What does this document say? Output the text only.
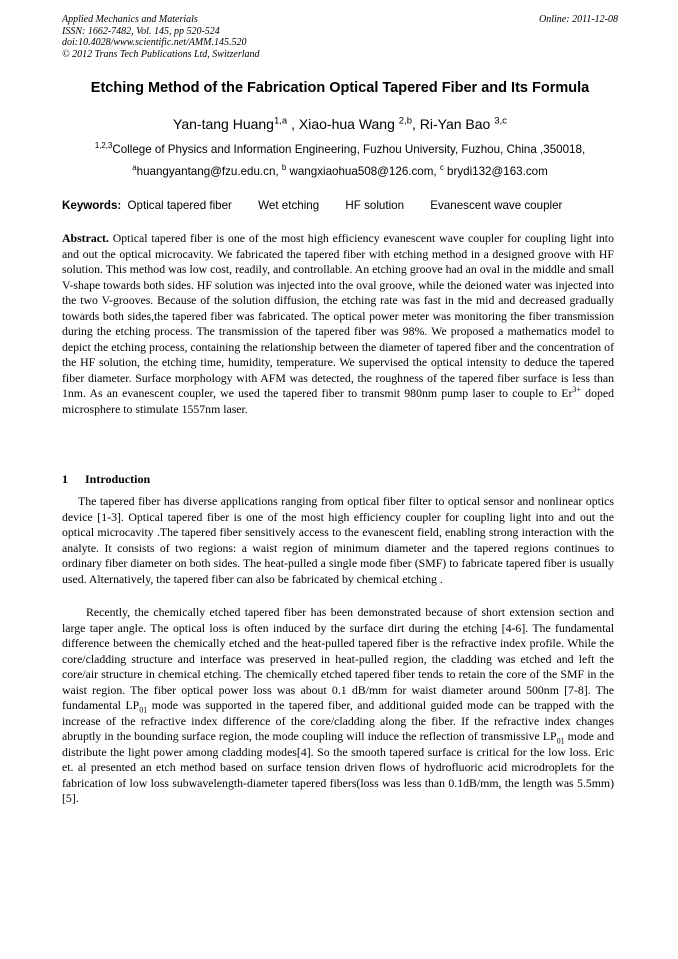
Applied Mechanics and Materials
ISSN: 1662-7482, Vol. 145, pp 520-524
doi:10.4028/www.scientific.net/AMM.145.520
© 2012 Trans Tech Publications Ltd, Switzerland
Online: 2011-12-08
Etching Method of the Fabrication Optical Tapered Fiber and Its Formula
Yan-tang Huang$^{1,a}$ , Xiao-hua Wang $^{2,b}$, Ri-Yan Bao $^{3,c}$
$^{1,2,3}$College of Physics and Information Engineering, Fuzhou University, Fuzhou, China ,350018,
$^a$huangyantang@fzu.edu.cn, $^b$ wangxiaohua508@126.com, $^c$ brydi132@163.com
Keywords: Optical tapered fiber Wet etching HF solution Evanescent wave coupler

Abstract. Optical tapered fiber is one of the most high efficiency evanescent wave coupler for coupling light into and out the optical microcavity. We fabricated the tapered fiber with etching method in a designed groove with HF solution. This method was low cost, readily, and controllable. An etching groove had an oval in the middle and small V-shape towards both sides. HF solution was injected into the oval groove, while the deioned water was injected into the two V-grooves. Because of the solution diffusion, the etching rate was fast in the mid and decreased gradually towards both sides,the tapered fiber was fabricated. The optical power meter was monitoring the fiber transmission during the etching process. The transmission of the tapered fiber was 98%. We proposed a mathematics model to depict the etching process, containing the relationship between the diameter of tapered fiber and the concentration of the HF solution, the etching time, humidity, temperature. We supervised the optical intensity to deduce the tapered fiber diameter. Surface morphology with AFM was detected, the roughness of the tapered fiber surface is less than 1nm. As an evanescent coupler, we used the tapered fiber to transmit 980nm pump laser to couple to $Er^{3+}$ doped microsphere to stimulate 1557nm laser.

1 Introduction

The tapered fiber has diverse applications ranging from optical fiber filter to optical sensor and nonlinear optics device [1-3]. Optical tapered fiber is one of the most high efficiency coupler for coupling light into and out the optical microcavity .The tapered fiber sensitively access to the evanescent field, enabling strong interaction with the analyte. It consists of two regions: a waist region of minimum diameter and the tapered regions continues to ordinary fiber diameter on both sides. The heat-pulled a single mode fiber (SMF) to fabricate tapered fiber is usually used. Alternatively, the tapered fiber can also be fabricated by chemical etching .

Recently, the chemically etched tapered fiber has been demonstrated because of short extension section and large taper angle. The optical loss is often induced by the surface dirt during the etching [4-6]. The fundamental difference between the chemically etched and the heat-pulled tapered fiber is the refractive index profile. While the core/cladding structure and interface was preserved in heat-pulled region, the cladding was etched and left the core/air structure in chemical etching. The chemically etched tapered fiber tends to retain the core of the SMF in the waist region. The fiber optical power loss was about 0.1 dB/mm for waist diameter around 500nm [7-8]. The fundamental $LP_{01}$ mode was supported in the tapered fiber, and additional guided mode can be trapped with the increase of the refractive index difference of the core/cladding along the fiber. If the refractive index changes abruptly in the bounding surface region, the mode coupling will induce the reflection of transmissive $LP_{01}$ mode and distribute the light power among cladding modes[4]. So the smooth tapered surface is critical for the low loss. Eric et. al presented an etch method based on surface tension driven flows of hydrofluoric acid microdroplets for the fabrication of low loss subwavelength-diameter tapered fibers(loss was less than 0.1dB/mm, the length was 5.5mm) [5].
